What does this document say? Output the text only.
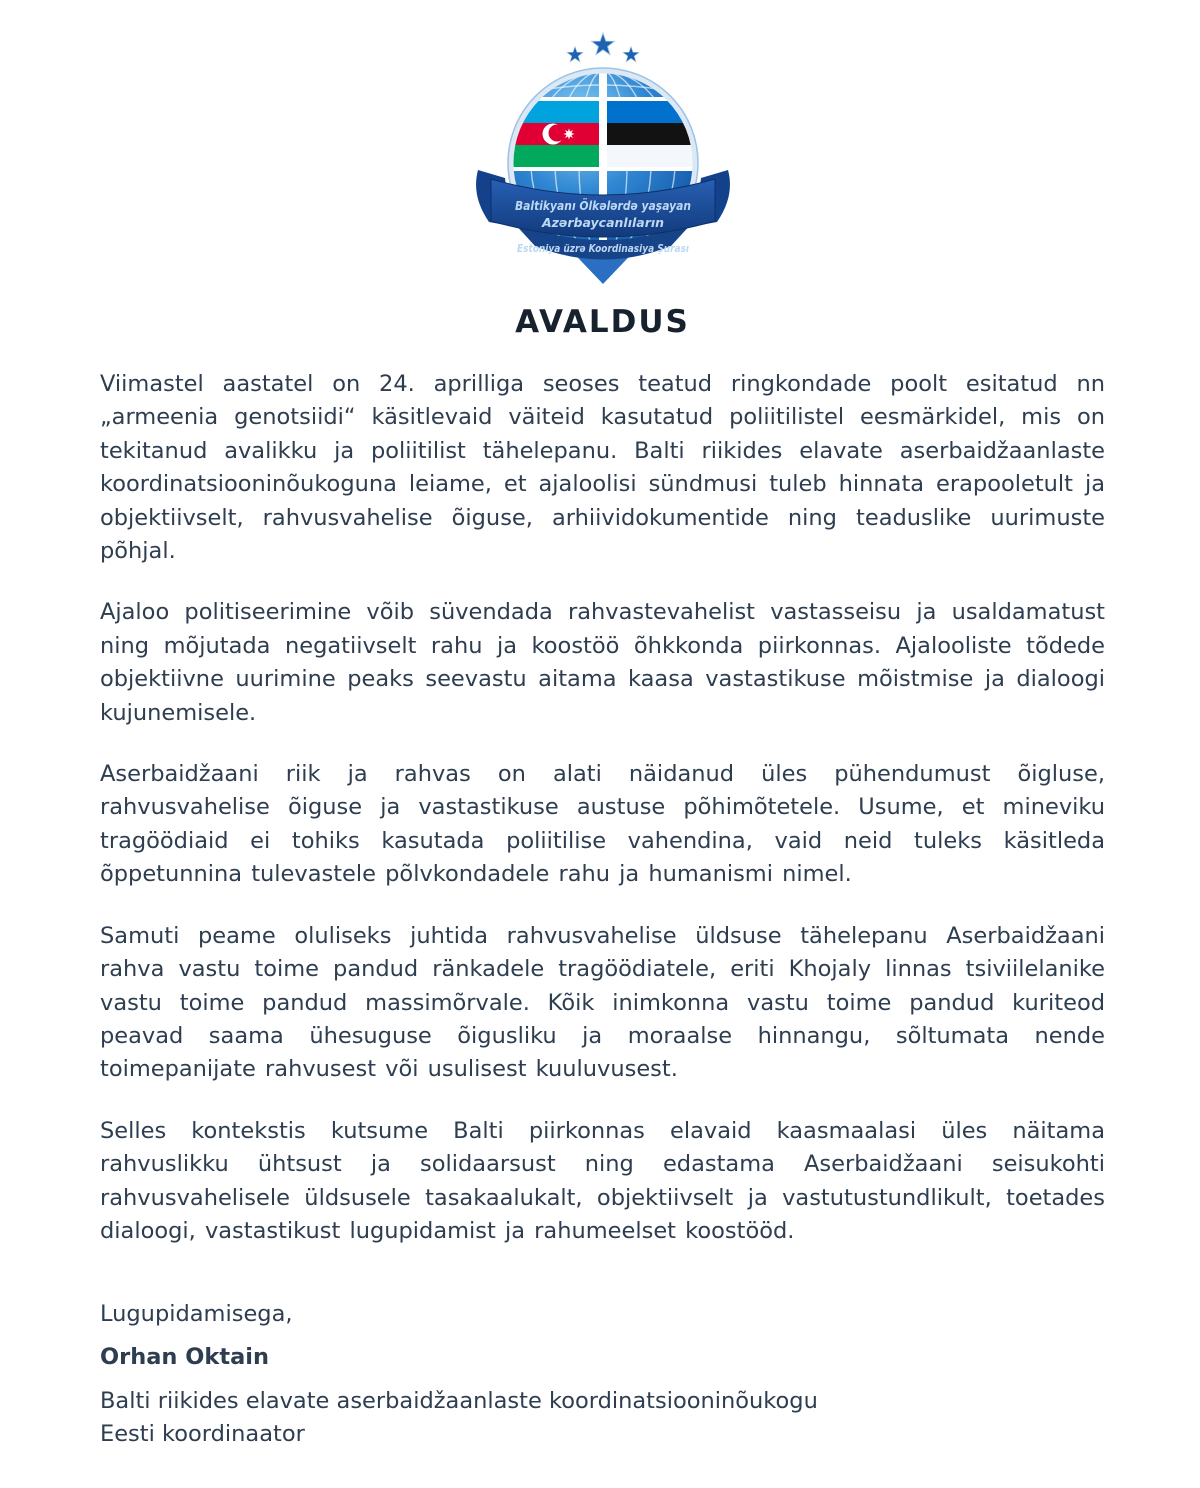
Baltikyanı Ölkələrdə yaşayan
Azərbaycanlıların
Estoniya üzrə Koordinasiya Şurası
AVALDUS

Viimastel aastatel on 24. aprilliga seoses teatud ringkondade poolt esitatud nn „armeenia genotsiidi“ käsitlevaid väiteid kasutatud poliitilistel eesmärkidel, mis on tekitanud avalikku ja poliitilist tähelepanu. Balti riikides elavate aserbaidžaanlaste koordinatsiooninõukoguna leiame, et ajaloolisi sündmusi tuleb hinnata erapooletult ja objektiivselt, rahvusvahelise õiguse, arhiividokumentide ning teaduslike uurimuste põhjal.

Ajaloo politiseerimine võib süvendada rahvastevahelist vastasseisu ja usaldamatust ning mõjutada negatiivselt rahu ja koostöö õhkkonda piirkonnas. Ajalooliste tõdede objektiivne uurimine peaks seevastu aitama kaasa vastastikuse mõistmise ja dialoogi kujunemisele.

Aserbaidžaani riik ja rahvas on alati näidanud üles pühendumust õigluse, rahvusvahelise õiguse ja vastastikuse austuse põhimõtetele. Usume, et mineviku tragöödiaid ei tohiks kasutada poliitilise vahendina, vaid neid tuleks käsitleda õppetunnina tulevastele põlvkondadele rahu ja humanismi nimel.

Samuti peame oluliseks juhtida rahvusvahelise üldsuse tähelepanu Aserbaidžaani rahva vastu toime pandud ränkadele tragöödiatele, eriti Khojaly linnas tsiviilelanike vastu toime pandud massimõrvale. Kõik inimkonna vastu toime pandud kuriteod peavad saama ühesuguse õigusliku ja moraalse hinnangu, sõltumata nende toimepanijate rahvusest või usulisest kuuluvusest.

Selles kontekstis kutsume Balti piirkonnas elavaid kaasmaalasi üles näitama rahvuslikku ühtsust ja solidaarsust ning edastama Aserbaidžaani seisukohti rahvusvahelisele üldsusele tasakaalukalt, objektiivselt ja vastutustundlikult, toetades dialoogi, vastastikust lugupidamist ja rahumeelset koostööd.

Lugupidamisega,

Orhan Oktain

Balti riikides elavate aserbaidžaanlaste koordinatsiooninõukogu
Eesti koordinaator
